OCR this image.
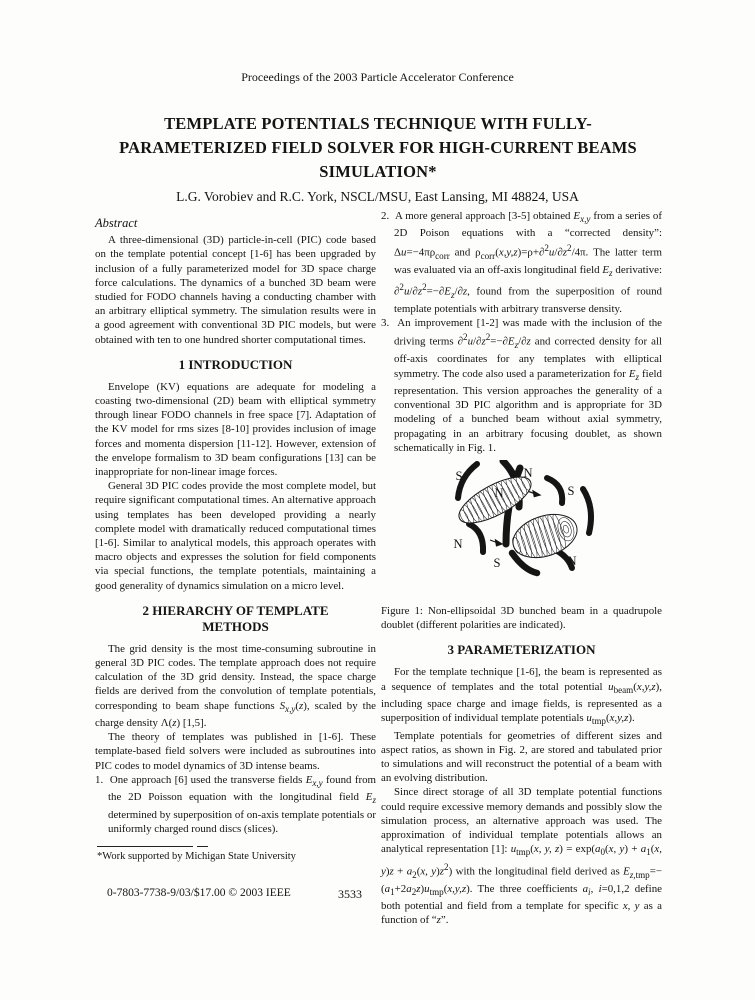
Proceedings of the 2003 Particle Accelerator Conference
TEMPLATE POTENTIALS TECHNIQUE WITH FULLY-
PARAMETERIZED FIELD SOLVER FOR HIGH-CURRENT BEAMS
SIMULATION*
L.G. Vorobiev and R.C. York, NSCL/MSU, East Lansing, MI 48824, USA
Abstract

A three-dimensional (3D) particle-in-cell (PIC) code based on the template potential concept [1-6] has been upgraded by inclusion of a fully parameterized model for 3D space charge force calculations. The dynamics of a bunched 3D beam were studied for FODO channels having a conducting chamber with an arbitrary elliptical symmetry. The simulation results were in a good agreement with conventional 3D PIC models, but were obtained with ten to one hundred shorter computational times.

1 INTRODUCTION

Envelope (KV) equations are adequate for modeling a coasting two-dimensional (2D) beam with elliptical symmetry through linear FODO channels in free space [7]. Adaptation of the KV model for rms sizes [8-10] provides inclusion of image forces and momenta dispersion [11-12]. However, extension of the envelope formalism to 3D beam configurations [13] can be inappropriate for non-linear image forces.

General 3D PIC codes provide the most complete model, but require significant computational times. An alternative approach using templates has been developed providing a nearly complete model with dramatically reduced computational times [1-6]. Similar to analytical models, this approach operates with macro objects and expresses the solution for field components via special functions, the template potentials, maintaining a good generality of dynamics simulation on a micro level.

2 HIERARCHY OF TEMPLATE METHODS

The grid density is the most time-consuming subroutine in general 3D PIC codes. The template approach does not require calculation of the 3D grid density. Instead, the space charge fields are derived from the convolution of template potentials, corresponding to beam shape functions $S_{x,y}(z)$, scaled by the charge density Λ(z) [1,5].

The theory of templates was published in [1-6]. These template-based field solvers were included as subroutines into PIC codes to model dynamics of 3D intense beams.

1.  One approach [6] used the transverse fields $E_{x,y}$ found from the 2D Poisson equation with the longitudinal field $E_z$ determined by superposition of on-axis template potentials or uniformly charged round discs (slices).
2.  A more general approach [3-5] obtained $E_{x,y}$ from a series of 2D Poison equations with a “corrected density”: $\Delta u=-4\pi\rho_{corr}$ and $\rho_{corr}(x,y,z)=\rho+\partial^2u/\partial z^2/4\pi$. The latter term was evaluated via an off-axis longitudinal field $E_z$ derivative: $\partial^2u/\partial z^2=-\partial E_z/\partial z$, found from the superposition of round template potentials with arbitrary transverse density.
3.  An improvement [1-2] was made with the inclusion of the driving terms $\partial^2u/\partial z^2=-\partial E_z/\partial z$ and corrected density for all off-axis coordinates for any templates with elliptical symmetry. The code also used a parameterization for $E_z$ field representation. This version approaches the generality of a conventional 3D PIC algorithm and is appropriate for 3D modeling of a bunched beam without axial symmetry, propagating in an arbitrary focusing doublet, as shown schematically in Fig. 1.
S	N
N	S
N
S	N

Figure 1: Non-ellipsoidal 3D bunched beam in a quadrupole doublet (different polarities are indicated).

3 PARAMETERIZATION

For the template technique [1-6], the beam is represented as a sequence of templates and the total potential $u_{beam}(x,y,z)$, including space charge and image fields, is represented as a superposition of individual template potentials $u_{tmp}(x,y,z)$.

Template potentials for geometries of different sizes and aspect ratios, as shown in Fig. 2, are stored and tabulated prior to simulations and will reconstruct the potential of a beam with an evolving distribution.

Since direct storage of all 3D template potential functions could require excessive memory demands and possibly slow the simulation process, an alternative approach was used. The approximation of individual template potentials allows an analytical representation [1]: $u_{tmp}(x$, y, $z) = \exp(a_0(x$, $y) + a_1(x$, $y)z + a_2(x$, $y)z^2$) with the longitudinal field derived as $E_{z,tmp}=-(a_1+2a_2z)u_{tmp}(x,y,z)$. The three coefficients $a_i$, i=0,1,2 define both potential and field from a template for specific x, y as a function of “z”.

*Work supported by Michigan State University
0-7803-7738-9/03/$17.00 © 2003 IEEE	3533
